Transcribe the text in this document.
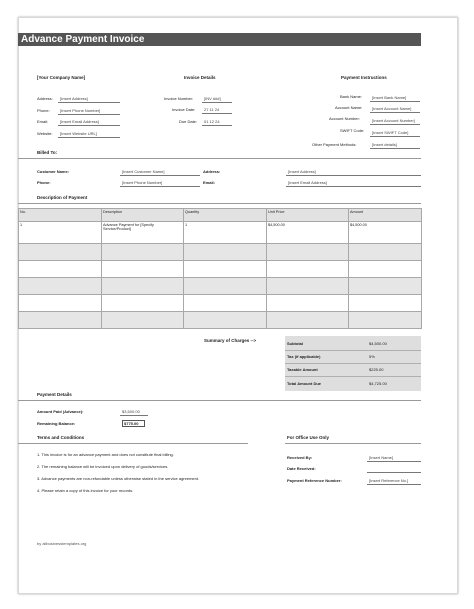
Advance Payment Invoice
[Your Company Name]
Address: [Insert Address]
Phone:	[Insert Phone Number]
Email:	[Insert Email Address]
Website: [Insert Website URL]
Invoice Details
Invoice Number:	[INV ###]
Invoice Date: 27 11 24
Due Date: 01 12 24
Payment Instructions
Bank Name: [Insert Bank Name]
Account Name: [Insert Account Name]
Account Number:	[Insert Account Number]
SWIFT Code: [Insert SWIFT Code]
Other Payment Methods:	[Insert details]
Billed To:
Customer Name:	[Insert Customer Name]
Phone:	[Insert Phone Number]
Address:	[Insert Address]
Email:	[Insert Email Address]
Description of Payment
No.	Description	Quantity	Unit Price	Amount
1	Advance Payment for [Specify Service/Product]	1	$4,500.00	$4,500.00

Summary of Charges -->
Subtotal	$4,500.00
Tax (if applicable)	5%
Taxable Amount	$225.00
Total Amount Due	$4,725.00
Payment Details
Amount Paid (Advance):	$3,500.00
Remaining Balance:	$775.00
Terms and Conditions
1. This invoice is for an advance payment and does not constitute final billing.
2. The remaining balance will be invoiced upon delivery of goods/services.
3. Advance payments are non-refundable unless otherwise stated in the service agreement.
4. Please retain a copy of this invoice for your records.
For Office Use Only
Received By:	[Insert Name]
Date Received:
Payment Reference Number:	[Insert Reference No.]
by allbusinesstemplates.org
